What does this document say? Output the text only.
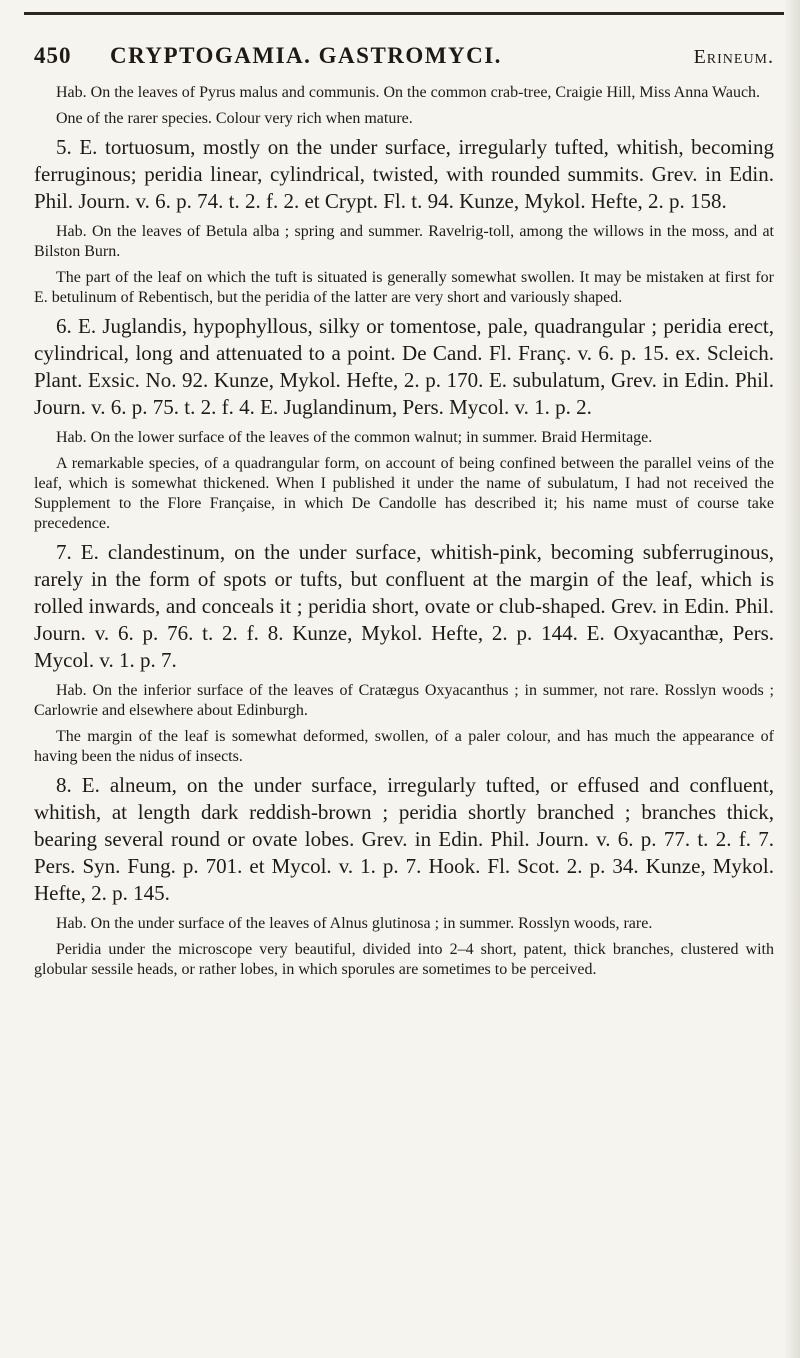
450	CRYPTOGAMIA. GASTROMYCI.	Erineum.

Hab. On the leaves of Pyrus malus and communis. On the common crab-tree, Craigie Hill, Miss Anna Wauch.

One of the rarer species. Colour very rich when mature.

5. E. tortuosum, mostly on the under surface, irregularly tufted, whitish, becoming ferruginous; peridia linear, cylindrical, twisted, with rounded summits. Grev. in Edin. Phil. Journ. v. 6. p. 74. t. 2. f. 2. et Crypt. Fl. t. 94. Kunze, Mykol. Hefte, 2. p. 158.

Hab. On the leaves of Betula alba ; spring and summer. Ravelrig-toll, among the willows in the moss, and at Bilston Burn.

The part of the leaf on which the tuft is situated is generally somewhat swollen. It may be mistaken at first for E. betulinum of Rebentisch, but the peridia of the latter are very short and variously shaped.

6. E. Juglandis, hypophyllous, silky or tomentose, pale, quadrangular ; peridia erect, cylindrical, long and attenuated to a point. De Cand. Fl. Franç. v. 6. p. 15. ex. Scleich. Plant. Exsic. No. 92. Kunze, Mykol. Hefte, 2. p. 170. E. subulatum, Grev. in Edin. Phil. Journ. v. 6. p. 75. t. 2. f. 4. E. Juglandinum, Pers. Mycol. v. 1. p. 2.

Hab. On the lower surface of the leaves of the common walnut; in summer. Braid Hermitage.

A remarkable species, of a quadrangular form, on account of being confined between the parallel veins of the leaf, which is somewhat thickened. When I published it under the name of subulatum, I had not received the Supplement to the Flore Française, in which De Candolle has described it; his name must of course take precedence.

7. E. clandestinum, on the under surface, whitish-pink, becoming subferruginous, rarely in the form of spots or tufts, but confluent at the margin of the leaf, which is rolled inwards, and conceals it ; peridia short, ovate or club-shaped. Grev. in Edin. Phil. Journ. v. 6. p. 76. t. 2. f. 8. Kunze, Mykol. Hefte, 2. p. 144. E. Oxyacanthæ, Pers. Mycol. v. 1. p. 7.

Hab. On the inferior surface of the leaves of Cratægus Oxyacanthus ; in summer, not rare. Rosslyn woods ; Carlowrie and elsewhere about Edinburgh.

The margin of the leaf is somewhat deformed, swollen, of a paler colour, and has much the appearance of having been the nidus of insects.

8. E. alneum, on the under surface, irregularly tufted, or effused and confluent, whitish, at length dark reddish-brown ; peridia shortly branched ; branches thick, bearing several round or ovate lobes. Grev. in Edin. Phil. Journ. v. 6. p. 77. t. 2. f. 7. Pers. Syn. Fung. p. 701. et Mycol. v. 1. p. 7. Hook. Fl. Scot. 2. p. 34. Kunze, Mykol. Hefte, 2. p. 145.

Hab. On the under surface of the leaves of Alnus glutinosa ; in summer. Rosslyn woods, rare.

Peridia under the microscope very beautiful, divided into 2–4 short, patent, thick branches, clustered with globular sessile heads, or rather lobes, in which sporules are sometimes to be perceived.
